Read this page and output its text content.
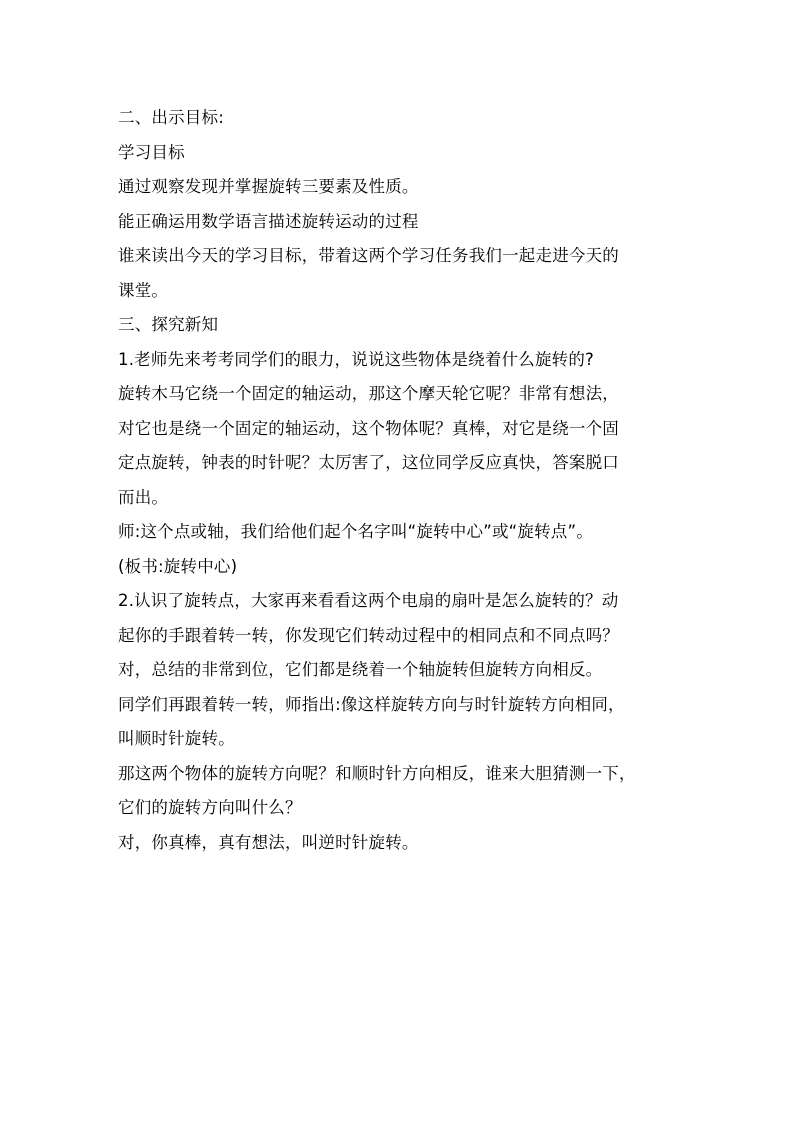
二、出示目标:
学习目标
通过观察发现并掌握旋转三要素及性质。
能正确运用数学语言描述旋转运动的过程
谁来读出今天的学习目标，带着这两个学习任务我们一起走进今天的
课堂。
三、探究新知
1.老师先来考考同学们的眼力，说说这些物体是绕着什么旋转的?
旋转木马它绕一个固定的轴运动，那这个摩天轮它呢？非常有想法，
对它也是绕一个固定的轴运动，这个物体呢？真棒，对它是绕一个固
定点旋转，钟表的时针呢？太厉害了，这位同学反应真快，答案脱口
而出。
师:这个点或轴，我们给他们起个名字叫“旋转中心”或“旋转点”。
(板书:旋转中心)
2.认识了旋转点，大家再来看看这两个电扇的扇叶是怎么旋转的？动
起你的手跟着转一转，你发现它们转动过程中的相同点和不同点吗？
对，总结的非常到位，它们都是绕着一个轴旋转但旋转方向相反。
同学们再跟着转一转，师指出:像这样旋转方向与时针旋转方向相同，
叫顺时针旋转。
那这两个物体的旋转方向呢？和顺时针方向相反，谁来大胆猜测一下，
它们的旋转方向叫什么？
对，你真棒，真有想法，叫逆时针旋转。
